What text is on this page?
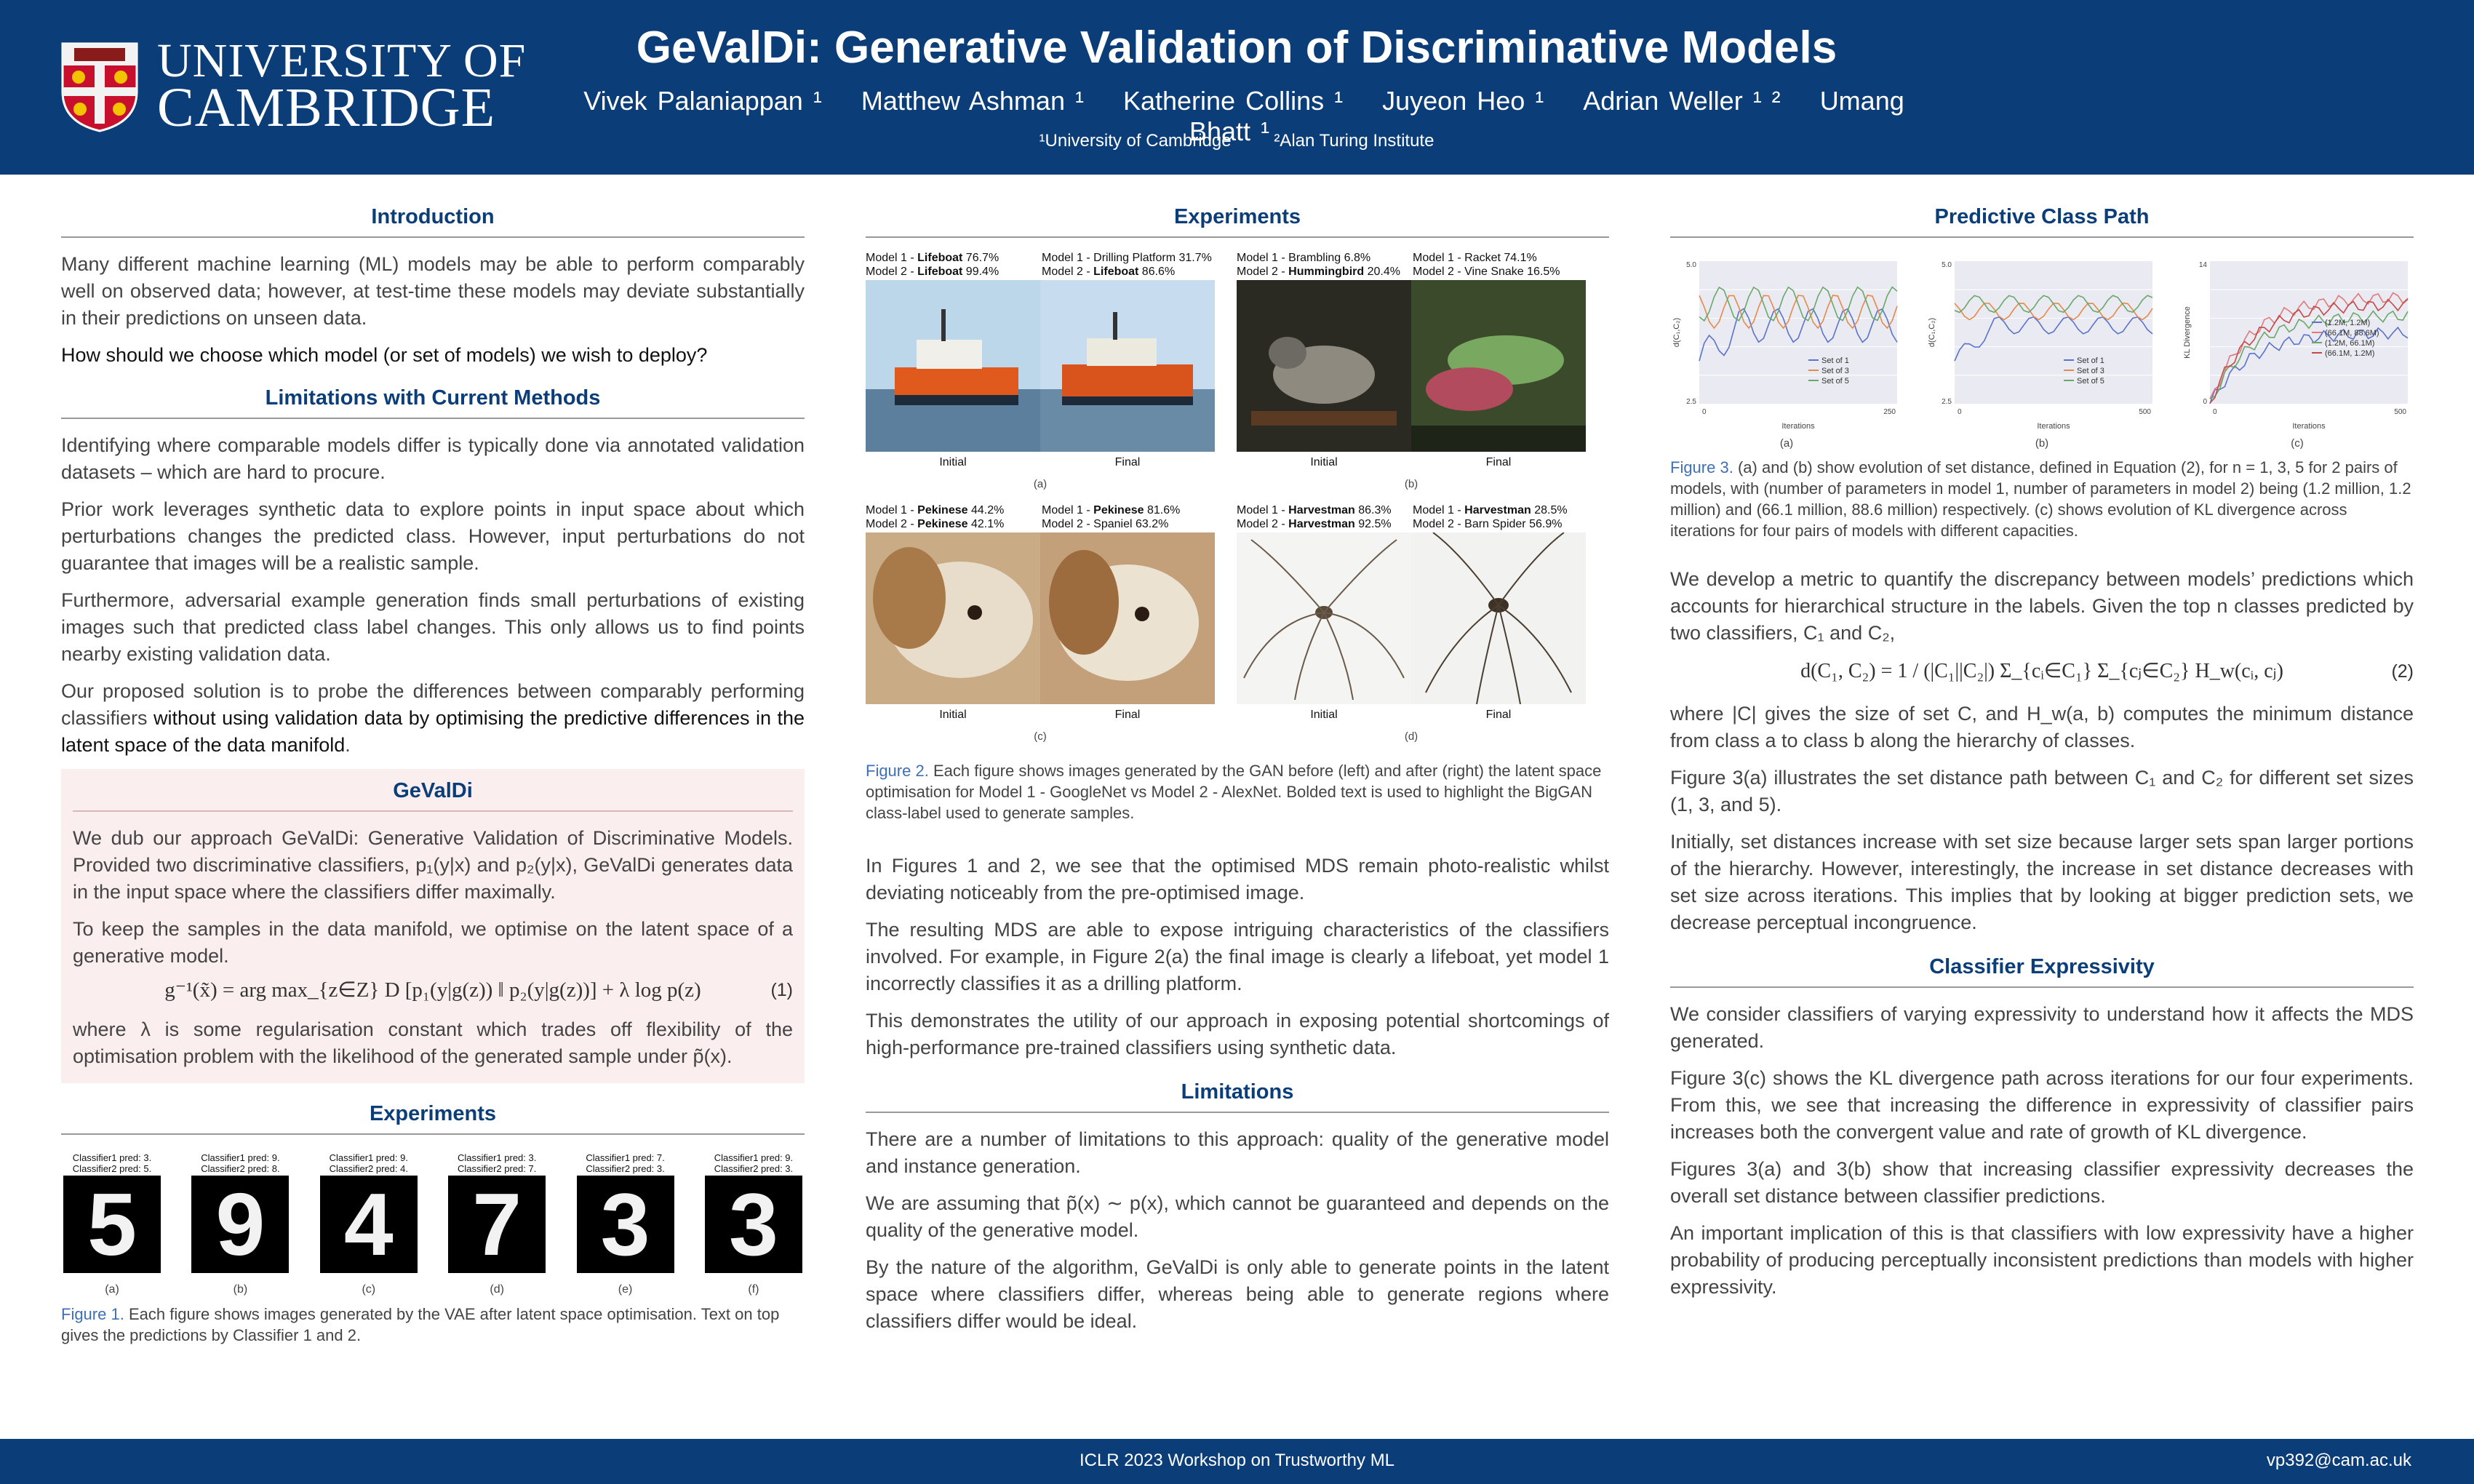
UNIVERSITY OF
CAMBRIDGE
GeValDi: Generative Validation of Discriminative Models
Vivek Palaniappan ¹ Matthew Ashman ¹ Katherine Collins ¹ Juyeon Heo ¹ Adrian Weller ¹ ² Umang Bhatt ¹
¹University of Cambridge ²Alan Turing Institute
Introduction

Many different machine learning (ML) models may be able to perform comparably well on observed data; however, at test-time these models may deviate substantially in their predictions on unseen data.

How should we choose which model (or set of models) we wish to deploy?

Limitations with Current Methods

Identifying where comparable models differ is typically done via annotated validation datasets – which are hard to procure.

Prior work leverages synthetic data to explore points in input space about which perturbations changes the predicted class. However, input perturbations do not guarantee that images will be a realistic sample.

Furthermore, adversarial example generation finds small perturbations of existing images such that predicted class label changes. This only allows us to find points nearby existing validation data.

Our proposed solution is to probe the differences between comparably performing classifiers without using validation data by optimising the predictive differences in the latent space of the data manifold.

GeValDi

We dub our approach GeValDi: Generative Validation of Discriminative Models. Provided two discriminative classifiers, p₁(y|x) and p₂(y|x), GeValDi generates data in the input space where the classifiers differ maximally.

To keep the samples in the data manifold, we optimise on the latent space of a generative model.

g⁻¹(x̃) = arg max_{z∈Z} D [p₁(y|g(z)) ‖ p₂(y|g(z))] + λ log p(z)	(1)

where λ is some regularisation constant which trades off flexibility of the optimisation problem with the likelihood of the generated sample under p̃(x).

Experiments
Classifier1 pred: 3.
Classifier2 pred: 5.
5
(a)
Classifier1 pred: 9.
Classifier2 pred: 8.
9
(b)
Classifier1 pred: 9.
Classifier2 pred: 4.
4
(c)
Classifier1 pred: 3.
Classifier2 pred: 7.
7
(d)
Classifier1 pred: 7.
Classifier2 pred: 3.
3
(e)
Classifier1 pred: 9.
Classifier2 pred: 3.
3
(f)
Figure 1. Each figure shows images generated by the VAE after latent space optimisation. Text on top gives the predictions by Classifier 1 and 2.
Experiments
Model 1 - Lifeboat 76.7%
Model 2 - Lifeboat 99.4%
Model 1 - Drilling Platform 31.7%
Model 2 - Lifeboat 86.6%
Initial	Final
(a)
Model 1 - Brambling 6.8%
Model 2 - Hummingbird 20.4%
Model 1 - Racket 74.1%
Model 2 - Vine Snake 16.5%
Initial	Final
(b)
Model 1 - Pekinese 44.2%
Model 2 - Pekinese 42.1%
Model 1 - Pekinese 81.6%
Model 2 - Spaniel 63.2%
Initial	Final
(c)
Model 1 - Harvestman 86.3%
Model 2 - Harvestman 92.5%
Model 1 - Harvestman 28.5%
Model 2 - Barn Spider 56.9%
Initial	Final
(d)
Figure 2. Each figure shows images generated by the GAN before (left) and after (right) the latent space optimisation for Model 1 - GoogleNet vs Model 2 - AlexNet. Bolded text is used to highlight the BigGAN class-label used to generate samples.

In Figures 1 and 2, we see that the optimised MDS remain photo-realistic whilst deviating noticeably from the pre-optimised image.

The resulting MDS are able to expose intriguing characteristics of the classifiers involved. For example, in Figure 2(a) the final image is clearly a lifeboat, yet model 1 incorrectly classifies it as a drilling platform.

This demonstrates the utility of our approach in exposing potential shortcomings of high-performance pre-trained classifiers using synthetic data.

Limitations

There are a number of limitations to this approach: quality of the generative model and instance generation.

We are assuming that p̃(x) ∼ p(x), which cannot be guaranteed and depends on the quality of the generative model.

By the nature of the algorithm, GeValDi is only able to generate points in the latent space where classifiers differ, whereas being able to generate regions where classifiers differ would be ideal.

Predictive Class Path
Set of 1
Set of 3
Set of 5
Iterations
d(C₁,C₂)
5.0
2.5
0	250
(a)
Set of 1
Set of 3
Set of 5
Iterations
d(C₁,C₂)
5.0
2.5
0	500
(b)
(1.2M, 1.2M)
(66.1M, 88.6M)
(1.2M, 66.1M)
(66.1M, 1.2M)
Iterations
KL Divergence
14
0
0	500
(c)
Figure 3. (a) and (b) show evolution of set distance, defined in Equation (2), for n = 1, 3, 5 for 2 pairs of models, with (number of parameters in model 1, number of parameters in model 2) being (1.2 million, 1.2 million) and (66.1 million, 88.6 million) respectively. (c) shows evolution of KL divergence across iterations for four pairs of models with different capacities.

We develop a metric to quantify the discrepancy between models’ predictions which accounts for hierarchical structure in the labels. Given the top n classes predicted by two classifiers, C₁ and C₂,

d(C₁, C₂) = 1 / (|C₁||C₂|) Σ_{cᵢ∈C₁} Σ_{cⱼ∈C₂} H_w(cᵢ, cⱼ)	(2)

where |C| gives the size of set C, and H_w(a, b) computes the minimum distance from class a to class b along the hierarchy of classes.

Figure 3(a) illustrates the set distance path between C₁ and C₂ for different set sizes (1, 3, and 5).

Initially, set distances increase with set size because larger sets span larger portions of the hierarchy. However, interestingly, the increase in set distance decreases with set size across iterations. This implies that by looking at bigger prediction sets, we decrease perceptual incongruence.

Classifier Expressivity

We consider classifiers of varying expressivity to understand how it affects the MDS generated.

Figure 3(c) shows the KL divergence path across iterations for our four experiments. From this, we see that increasing the difference in expressivity of classifier pairs increases both the convergent value and rate of growth of KL divergence.

Figures 3(a) and 3(b) show that increasing classifier expressivity decreases the overall set distance between classifier predictions.

An important implication of this is that classifiers with low expressivity have a higher probability of producing perceptually inconsistent predictions than models with higher expressivity.

ICLR 2023 Workshop on Trustworthy ML	vp392@cam.ac.uk
